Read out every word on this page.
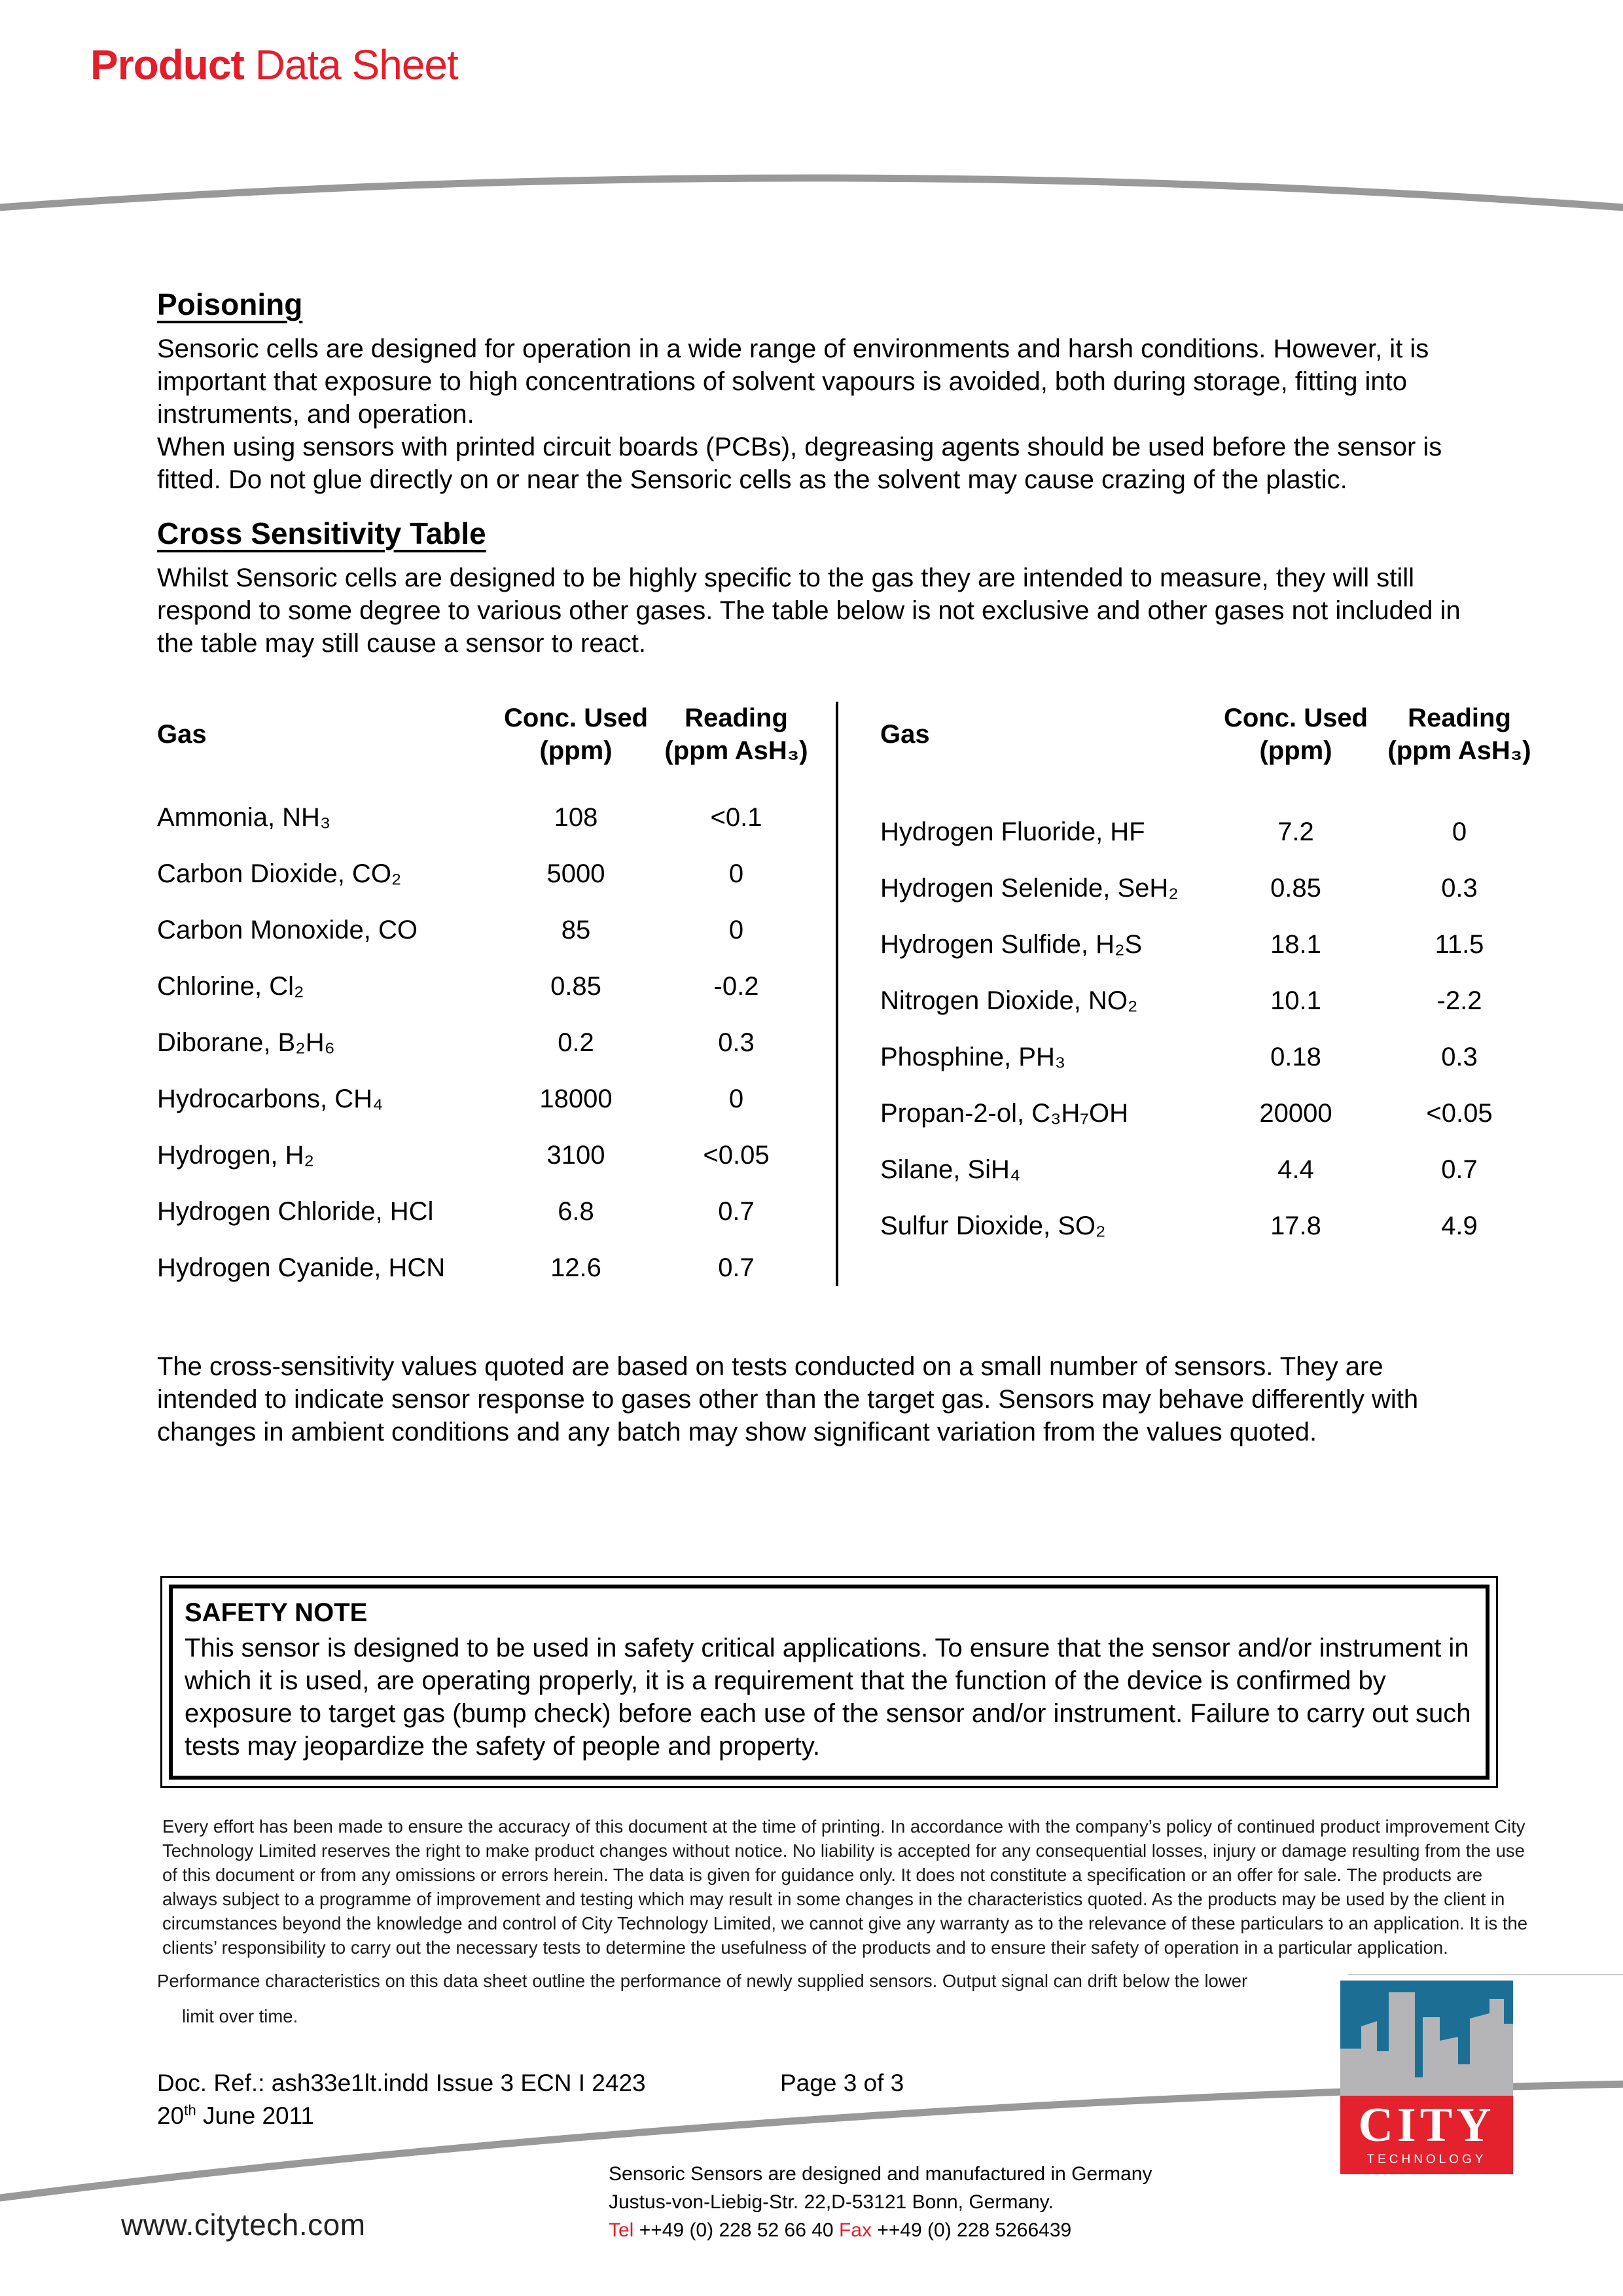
Product Data Sheet
Poisoning
Sensoric cells are designed for operation in a wide range of environments and harsh conditions. However, it is important that exposure to high concentrations of solvent vapours is avoided, both during storage, fitting into instruments, and operation.
When using sensors with printed circuit boards (PCBs), degreasing agents should be used before the sensor is fitted. Do not glue directly on or near the Sensoric cells as the solvent may cause crazing of the plastic.
Cross Sensitivity Table
Whilst Sensoric cells are designed to be highly specific to the gas they are intended to measure, they will still respond to some degree to various other gases. The table below is not exclusive and other gases not included in the table may still cause a sensor to react.
Gas	
Conc. Used
(ppm)

Reading
(ppm AsH₃)

Ammonia, NH₃	108	<0.1
Carbon Dioxide, CO₂	5000	0
Carbon Monoxide, CO	85	0
Chlorine, Cl₂	0.85	-0.2
Diborane, B₂H₆	0.2	0.3
Hydrocarbons, CH₄	18000	0
Hydrogen, H₂	3100	<0.05
Hydrogen Chloride, HCl	6.8	0.7
Hydrogen Cyanide, HCN	12.6	0.7
Gas	
Conc. Used
(ppm)

Reading
(ppm AsH₃)

Hydrogen Fluoride, HF	7.2	0
Hydrogen Selenide, SeH₂	0.85	0.3
Hydrogen Sulfide, H₂S	18.1	11.5
Nitrogen Dioxide, NO₂	10.1	-2.2
Phosphine, PH₃	0.18	0.3
Propan-2-ol, C₃H₇OH	20000	<0.05
Silane, SiH₄	4.4	0.7
Sulfur Dioxide, SO₂	17.8	4.9
The cross-sensitivity values quoted are based on tests conducted on a small number of sensors. They are intended to indicate sensor response to gases other than the target gas. Sensors may behave differently with changes in ambient conditions and any batch may show significant variation from the values quoted.
SAFETY NOTE
This sensor is designed to be used in safety critical applications. To ensure that the sensor and/or instrument in which it is used, are operating properly, it is a requirement that the function of the device is confirmed by exposure to target gas (bump check) before each use of the sensor and/or instrument. Failure to carry out such tests may jeopardize the safety of people and property.
Every effort has been made to ensure the accuracy of this document at the time of printing. In accordance with the company’s policy of continued product improvement City Technology Limited reserves the right to make product changes without notice. No liability is accepted for any consequential losses, injury or damage resulting from the use of this document or from any omissions or errors herein. The data is given for guidance only. It does not constitute a specification or an offer for sale. The products are always subject to a programme of improvement and testing which may result in some changes in the characteristics quoted. As the products may be used by the client in circumstances beyond the knowledge and control of City Technology Limited, we cannot give any warranty as to the relevance of these particulars to an application. It is the clients’ responsibility to carry out the necessary tests to determine the usefulness of the products and to ensure their safety of operation in a particular application.
Performance characteristics on this data sheet outline the performance of newly supplied sensors. Output signal can drift below the lower
limit over time.
Doc. Ref.: ash33e1lt.indd Issue 3 ECN I 2423
20th June 2011
Page 3 of 3
CITY
TECHNOLOGY
www.citytech.com
Sensoric Sensors are designed and manufactured in Germany
Justus-von-Liebig-Str. 22,D-53121 Bonn, Germany.
Tel ++49 (0) 228 52 66 40 Fax ++49 (0) 228 5266439
